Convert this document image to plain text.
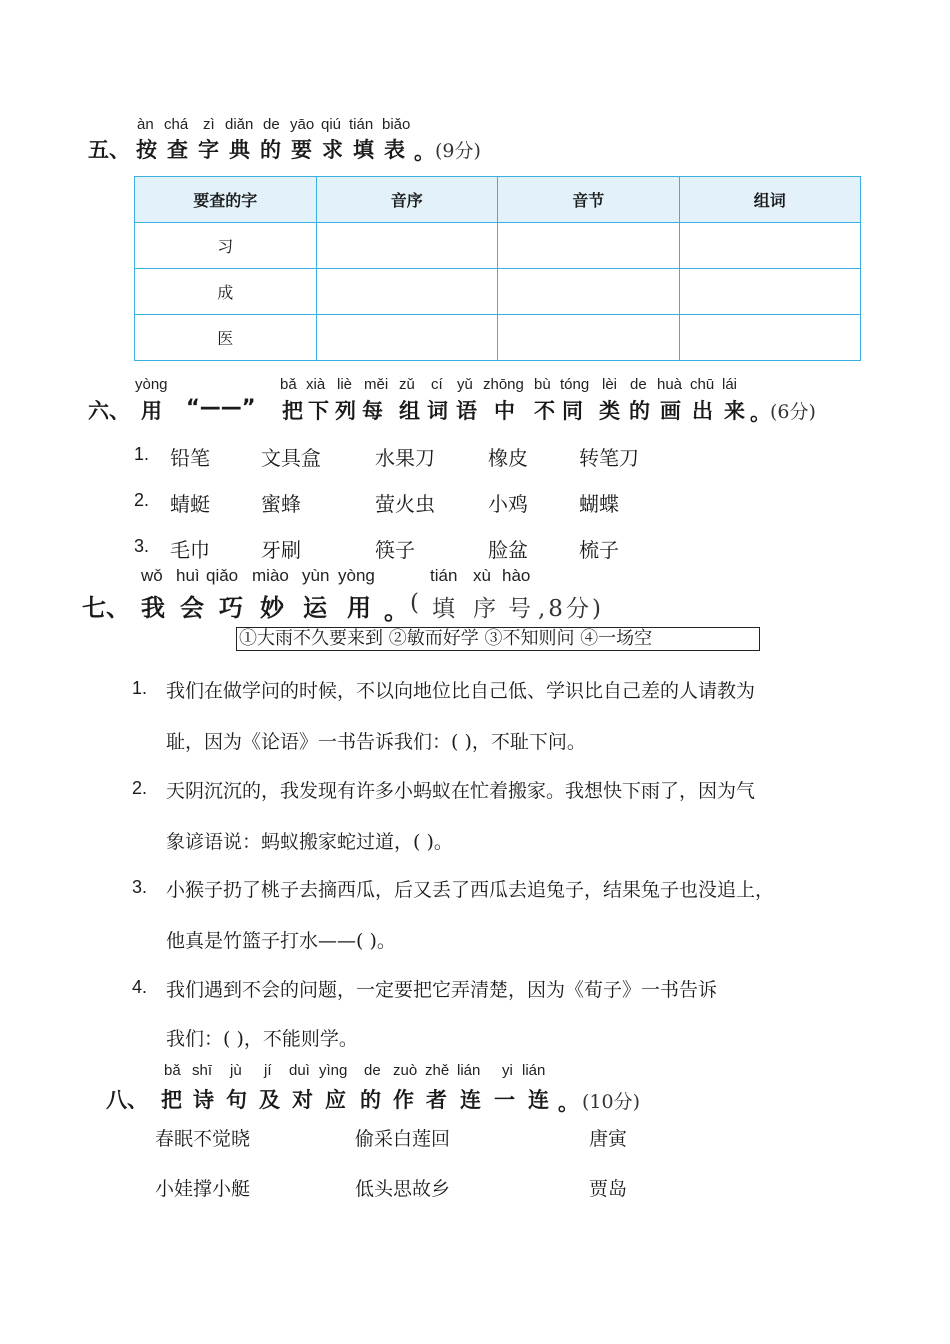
àn chá zì diǎn de yāo qiú tián biǎo
五、 按 查 字 典 的 要 求 填 表 。 (9分)
要查的字	音序	音节	组词
习			
成			
医			
yòng	bǎ xià liè měi zǔ cí yǔ zhōng bù tóng lèi de huà chū lái
六、 用 “——” 把 下 列 每 组 词 语 中 不 同 类 的 画 出 来 。 (6分)
1. 铅笔	文具盒	水果刀	橡皮	转笔刀
2. 蜻蜓	蜜蜂	萤火虫	小鸡	蝴蝶
3. 毛巾	牙刷	筷子	脸盆	梳子
wǒ huì qiǎo miào yùn yòng	tián xù hào
七、 我 会 巧 妙 运 用 。 ( 填 序 号 ,8分)
①大雨不久要来到 ②敏而好学 ③不知则问 ④一场空
1. 我们在做学问的时候，不以向地位比自己低、学识比自己差的人请教为
耻，因为《论语》一书告诉我们：( )，不耻下问。
2. 天阴沉沉的，我发现有许多小蚂蚁在忙着搬家。我想快下雨了，因为气
象谚语说：蚂蚁搬家蛇过道，( )。
3. 小猴子扔了桃子去摘西瓜，后又丢了西瓜去追兔子，结果兔子也没追上，
他真是竹篮子打水——( )。
4. 我们遇到不会的问题，一定要把它弄清楚，因为《荀子》一书告诉
我们：( )，不能则学。
bǎ shī jù jí duì yìng de zuò zhě lián yi lián
八、 把 诗 句 及 对 应 的 作 者 连 一 连 。 (10分)
春眠不觉晓	偷采白莲回	唐寅
小娃撑小艇	低头思故乡	贾岛
